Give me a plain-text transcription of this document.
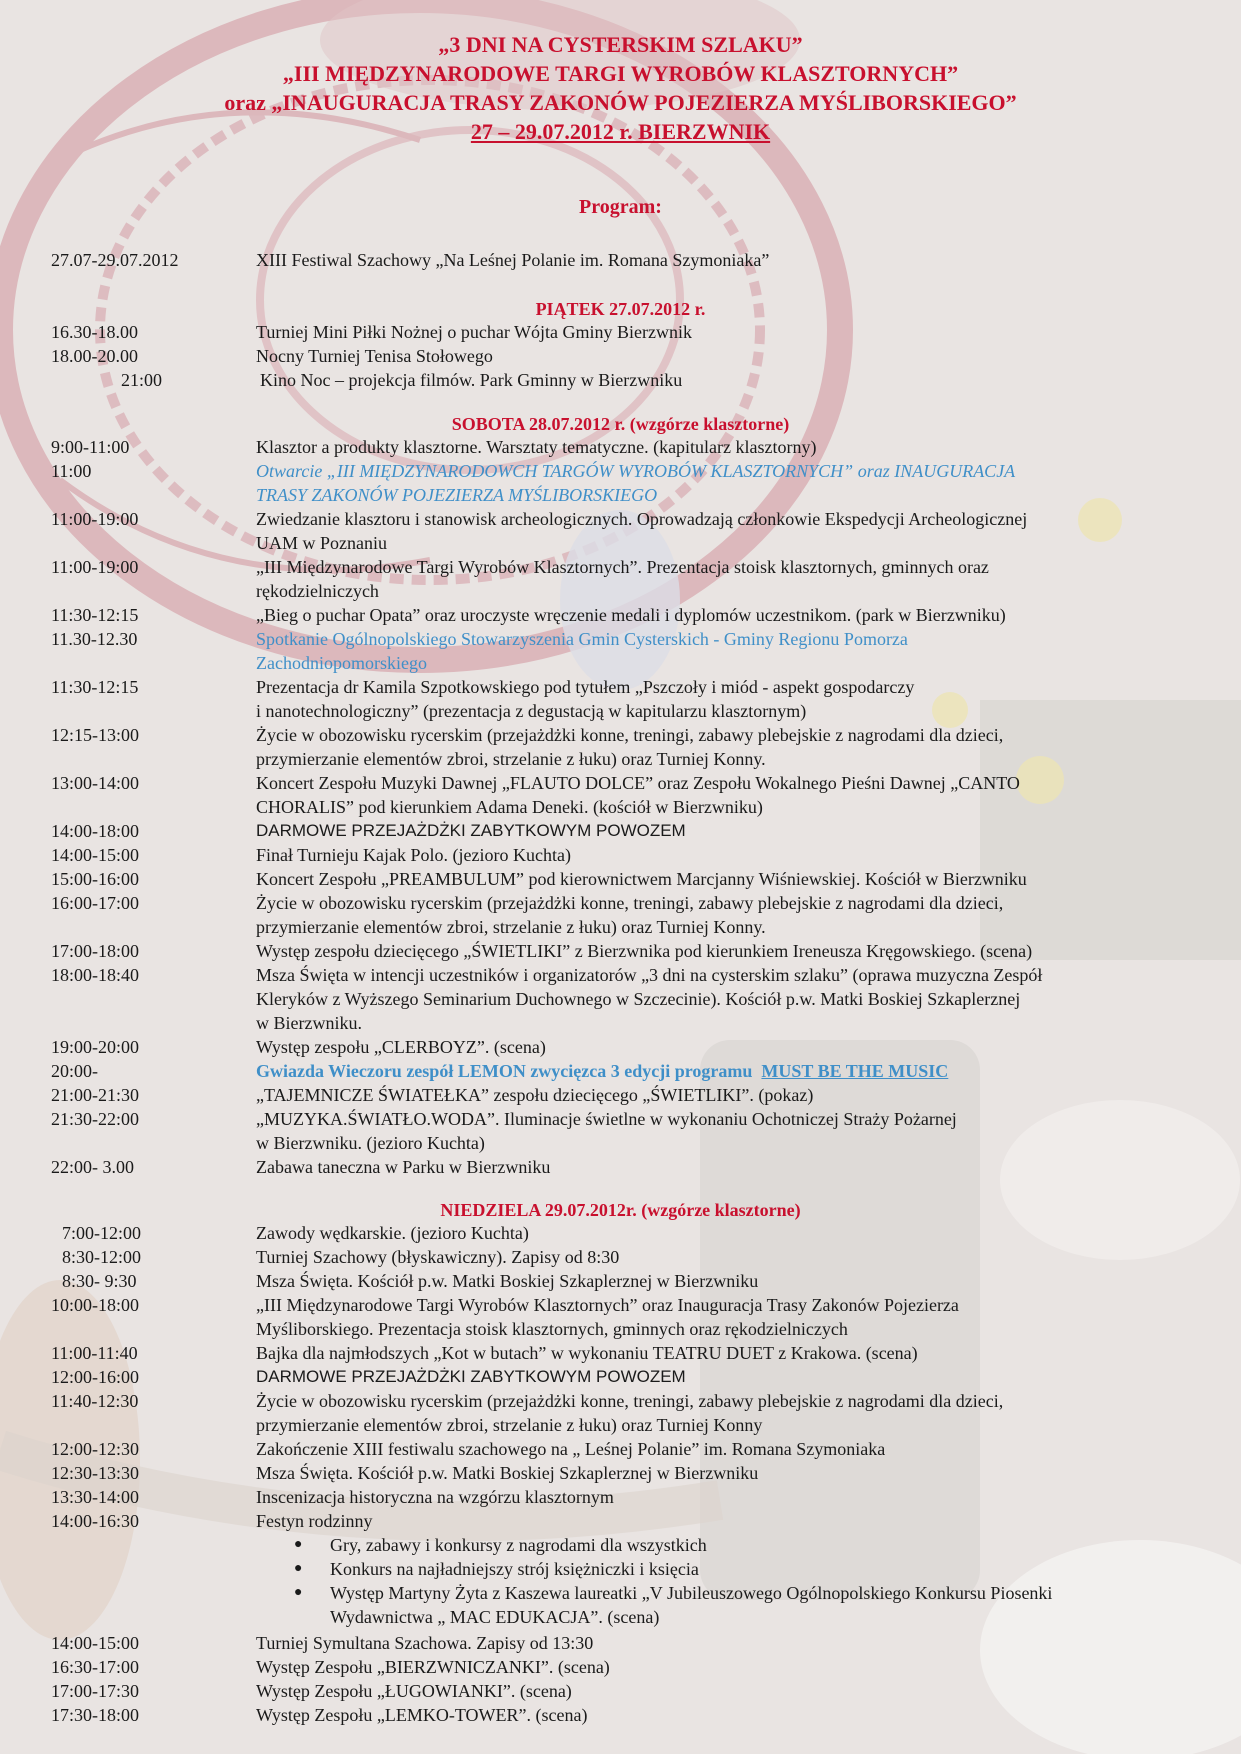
„3 DNI NA CYSTERSKIM SZLAKU”
„III MIĘDZYNARODOWE TARGI WYROBÓW KLASZTORNYCH”
oraz „INAUGURACJA TRASY ZAKONÓW POJEZIERZA MYŚLIBORSKIEGO”
27 – 29.07.2012 r. BIERZWNIK
Program:
27.07-29.07.2012	XIII Festiwal Szachowy „Na Leśnej Polanie im. Romana Szymoniaka”
PIĄTEK 27.07.2012 r.
16.30-18.00	Turniej Mini Piłki Nożnej o puchar Wójta Gminy Bierzwnik
18.00-20.00	Nocny Turniej Tenisa Stołowego
21:00	Kino Noc – projekcja filmów. Park Gminny w Bierzwniku
SOBOTA 28.07.2012 r. (wzgórze klasztorne)
9:00-11:00	Klasztor a produkty klasztorne. Warsztaty tematyczne. (kapitularz klasztorny)
11:00	Otwarcie „III MIĘDZYNARODOWCH TARGÓW WYROBÓW KLASZTORNYCH” oraz INAUGURACJA
TRASY ZAKONÓW POJEZIERZA MYŚLIBORSKIEGO
11:00-19:00	Zwiedzanie klasztoru i stanowisk archeologicznych. Oprowadzają członkowie Ekspedycji Archeologicznej
UAM w Poznaniu
11:00-19:00	„III Międzynarodowe Targi Wyrobów Klasztornych”. Prezentacja stoisk klasztornych, gminnych oraz
rękodzielniczych
11:30-12:15	„Bieg o puchar Opata” oraz uroczyste wręczenie medali i dyplomów uczestnikom. (park w Bierzwniku)
11.30-12.30	Spotkanie Ogólnopolskiego Stowarzyszenia Gmin Cysterskich - Gminy Regionu Pomorza
Zachodniopomorskiego
11:30-12:15	Prezentacja dr Kamila Szpotkowskiego pod tytułem „Pszczoły i miód - aspekt gospodarczy
i nanotechnologiczny” (prezentacja z degustacją w kapitularzu klasztornym)
12:15-13:00	Życie w obozowisku rycerskim (przejażdżki konne, treningi, zabawy plebejskie z nagrodami dla dzieci,
przymierzanie elementów zbroi, strzelanie z łuku) oraz Turniej Konny.
13:00-14:00	Koncert Zespołu Muzyki Dawnej „FLAUTO DOLCE” oraz Zespołu Wokalnego Pieśni Dawnej „CANTO
CHORALIS” pod kierunkiem Adama Deneki. (kościół w Bierzwniku)
14:00-18:00	DARMOWE PRZEJAŻDŻKI ZABYTKOWYM POWOZEM
14:00-15:00	Finał Turnieju Kajak Polo. (jezioro Kuchta)
15:00-16:00	Koncert Zespołu „PREAMBULUM” pod kierownictwem Marcjanny Wiśniewskiej. Kościół w Bierzwniku
16:00-17:00	Życie w obozowisku rycerskim (przejażdżki konne, treningi, zabawy plebejskie z nagrodami dla dzieci,
przymierzanie elementów zbroi, strzelanie z łuku) oraz Turniej Konny.
17:00-18:00	Występ zespołu dziecięcego „ŚWIETLIKI” z Bierzwnika pod kierunkiem Ireneusza Kręgowskiego. (scena)
18:00-18:40	Msza Święta w intencji uczestników i organizatorów „3 dni na cysterskim szlaku” (oprawa muzyczna Zespół
Kleryków z Wyższego Seminarium Duchownego w Szczecinie). Kościół p.w. Matki Boskiej Szkaplerznej
w Bierzwniku.
19:00-20:00	Występ zespołu „CLERBOYZ”. (scena)
20:00-	Gwiazda Wieczoru zespół LEMON zwycięzca 3 edycji programu MUST BE THE MUSIC
21:00-21:30	„TAJEMNICZE ŚWIATEŁKA” zespołu dziecięcego „ŚWIETLIKI”. (pokaz)
21:30-22:00	„MUZYKA.ŚWIATŁO.WODA”. Iluminacje świetlne w wykonaniu Ochotniczej Straży Pożarnej
w Bierzwniku. (jezioro Kuchta)
22:00- 3.00	Zabawa taneczna w Parku w Bierzwniku
NIEDZIELA 29.07.2012r. (wzgórze klasztorne)
7:00-12:00	Zawody wędkarskie. (jezioro Kuchta)
8:30-12:00	Turniej Szachowy (błyskawiczny). Zapisy od 8:30
8:30- 9:30	Msza Święta. Kościół p.w. Matki Boskiej Szkaplerznej w Bierzwniku
10:00-18:00	„III Międzynarodowe Targi Wyrobów Klasztornych” oraz Inauguracja Trasy Zakonów Pojezierza
Myśliborskiego. Prezentacja stoisk klasztornych, gminnych oraz rękodzielniczych
11:00-11:40	Bajka dla najmłodszych „Kot w butach” w wykonaniu TEATRU DUET z Krakowa. (scena)
12:00-16:00	DARMOWE PRZEJAŻDŻKI ZABYTKOWYM POWOZEM
11:40-12:30	Życie w obozowisku rycerskim (przejażdżki konne, treningi, zabawy plebejskie z nagrodami dla dzieci,
przymierzanie elementów zbroi, strzelanie z łuku) oraz Turniej Konny
12:00-12:30	Zakończenie XIII festiwalu szachowego na „ Leśnej Polanie” im. Romana Szymoniaka
12:30-13:30	Msza Święta. Kościół p.w. Matki Boskiej Szkaplerznej w Bierzwniku
13:30-14:00	Inscenizacja historyczna na wzgórzu klasztornym
14:00-16:30	Festyn rodzinny
● Gry, zabawy i konkursy z nagrodami dla wszystkich
● Konkurs na najładniejszy strój księżniczki i księcia
● Występ Martyny Żyta z Kaszewa laureatki „V Jubileuszowego Ogólnopolskiego Konkursu Piosenki
Wydawnictwa „ MAC EDUKACJA”. (scena)
14:00-15:00	Turniej Symultana Szachowa. Zapisy od 13:30
16:30-17:00	Występ Zespołu „BIERZWNICZANKI”. (scena)
17:00-17:30	Występ Zespołu „ŁUGOWIANKI”. (scena)
17:30-18:00	Występ Zespołu „LEMKO-TOWER”. (scena)
